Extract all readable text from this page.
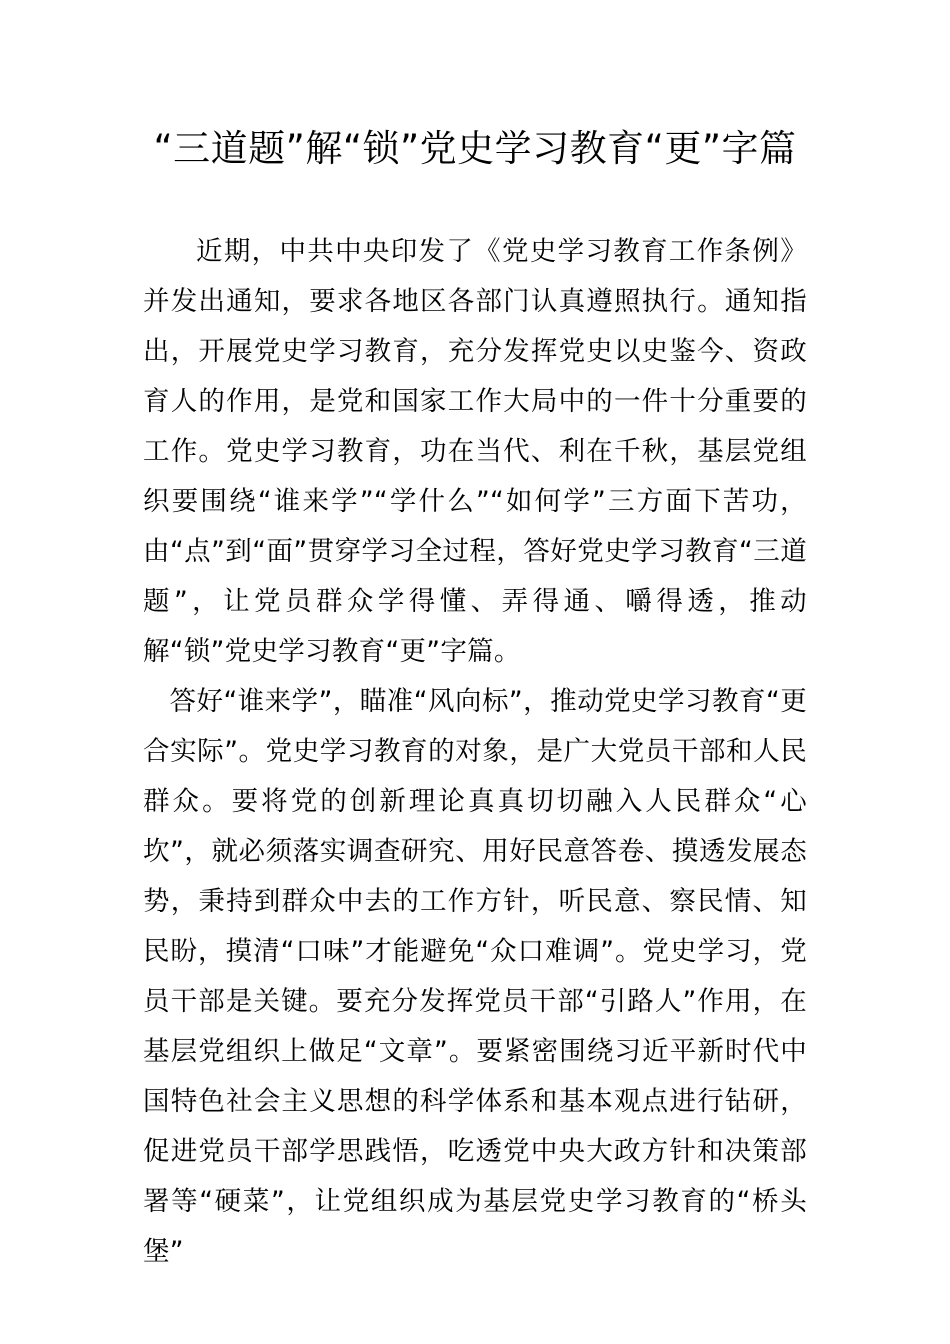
“三道题”解“锁”党史学习教育“更”字篇

近期，中共中央印发了《党史学习教育工作条例》并发出通知，要求各地区各部门认真遵照执行。通知指出，开展党史学习教育，充分发挥党史以史鉴今、资政育人的作用，是党和国家工作大局中的一件十分重要的工作。党史学习教育，功在当代、利在千秋，基层党组织要围绕“谁来学”“学什么”“如何学”三方面下苦功，由“点”到“面”贯穿学习全过程，答好党史学习教育“三道题”，让党员群众学得懂、弄得通、嚼得透，推动解“锁”党史学习教育“更”字篇。

答好“谁来学”，瞄准“风向标”，推动党史学习教育“更合实际”。党史学习教育的对象，是广大党员干部和人民群众。要将党的创新理论真真切切融入人民群众“心坎”，就必须落实调查研究、用好民意答卷、摸透发展态势，秉持到群众中去的工作方针，听民意、察民情、知民盼，摸清“口味”才能避免“众口难调”。党史学习，党员干部是关键。要充分发挥党员干部“引路人”作用，在基层党组织上做足“文章”。要紧密围绕习近平新时代中国特色社会主义思想的科学体系和基本观点进行钻研，促进党员干部学思践悟，吃透党中央大政方针和决策部署等“硬菜”，让党组织成为基层党史学习教育的“桥头堡”
